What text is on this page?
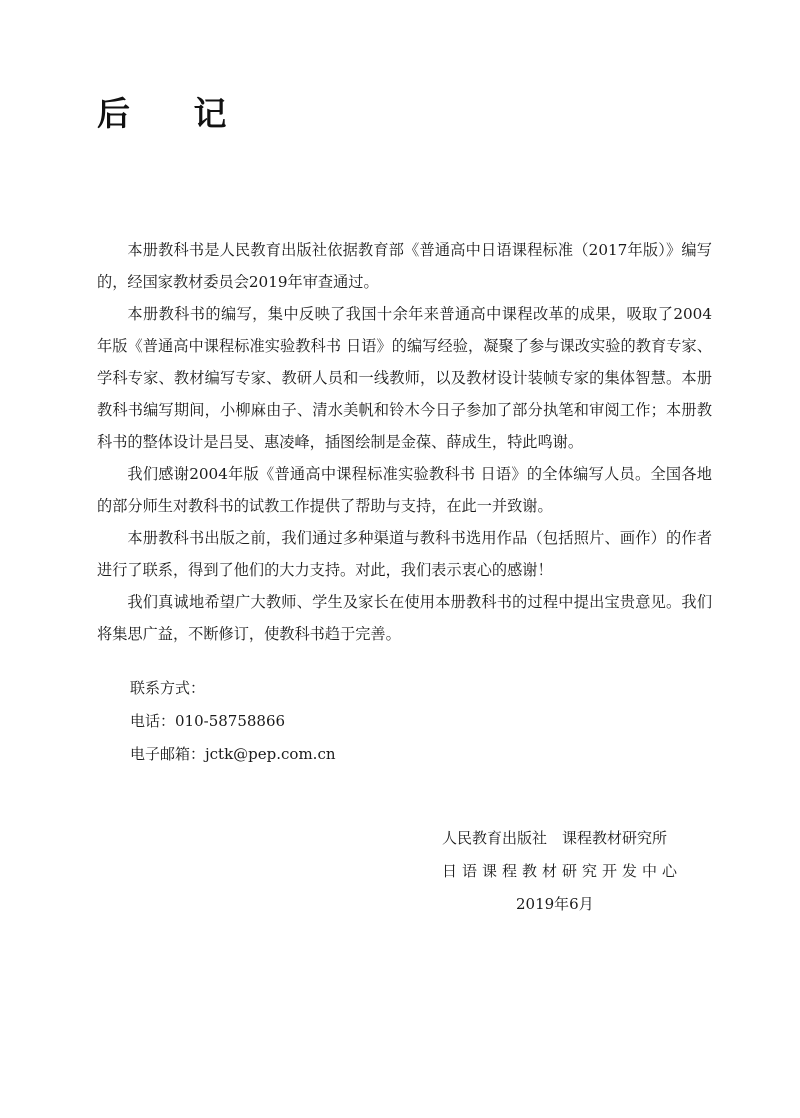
后 记

本册教科书是人民教育出版社依据教育部《普通高中日语课程标准（2017年版）》编写的，经国家教材委员会2019年审查通过。

本册教科书的编写，集中反映了我国十余年来普通高中课程改革的成果，吸取了2004年版《普通高中课程标准实验教科书 日语》的编写经验，凝聚了参与课改实验的教育专家、学科专家、教材编写专家、教研人员和一线教师，以及教材设计装帧专家的集体智慧。本册教科书编写期间，小柳麻由子、清水美帆和铃木今日子参加了部分执笔和审阅工作；本册教科书的整体设计是吕旻、惠凌峰，插图绘制是金葆、薛成生，特此鸣谢。

我们感谢2004年版《普通高中课程标准实验教科书 日语》的全体编写人员。全国各地的部分师生对教科书的试教工作提供了帮助与支持，在此一并致谢。

本册教科书出版之前，我们通过多种渠道与教科书选用作品（包括照片、画作）的作者进行了联系，得到了他们的大力支持。对此，我们表示衷心的感谢！

我们真诚地希望广大教师、学生及家长在使用本册教科书的过程中提出宝贵意见。我们将集思广益，不断修订，使教科书趋于完善。

联系方式：
电话：010-58758866
电子邮箱：jctk@pep.com.cn
人民教育出版社　课程教材研究所
日语课程教材研究开发中心
2019年6月
